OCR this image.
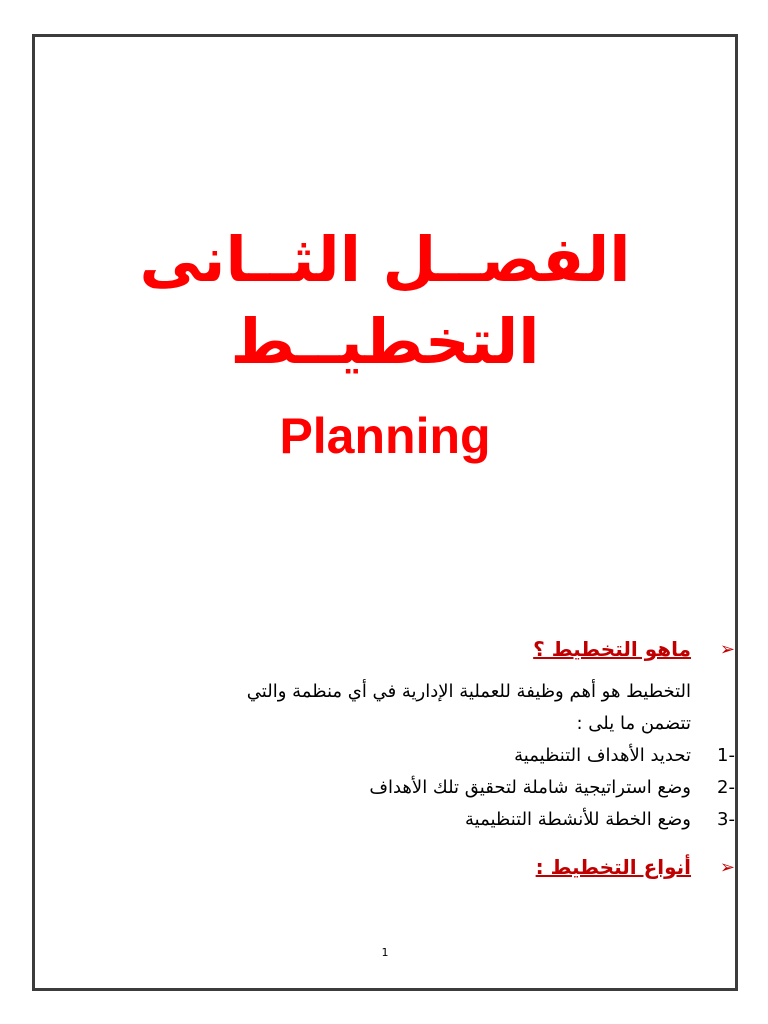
الفصــل الثــانى
التخطيــط
Planning
➢
ماهو التخطيط ؟
التخطيط هو أهم وظيفة للعملية الإدارية في أي منظمة والتي
تتضمن ما يلى :
1-
تحديد الأهداف التنظيمية
2-
وضع استراتيجية شاملة لتحقيق تلك الأهداف
3-
وضع الخطة للأنشطة التنظيمية
➢
أنواع التخطيط :
1
